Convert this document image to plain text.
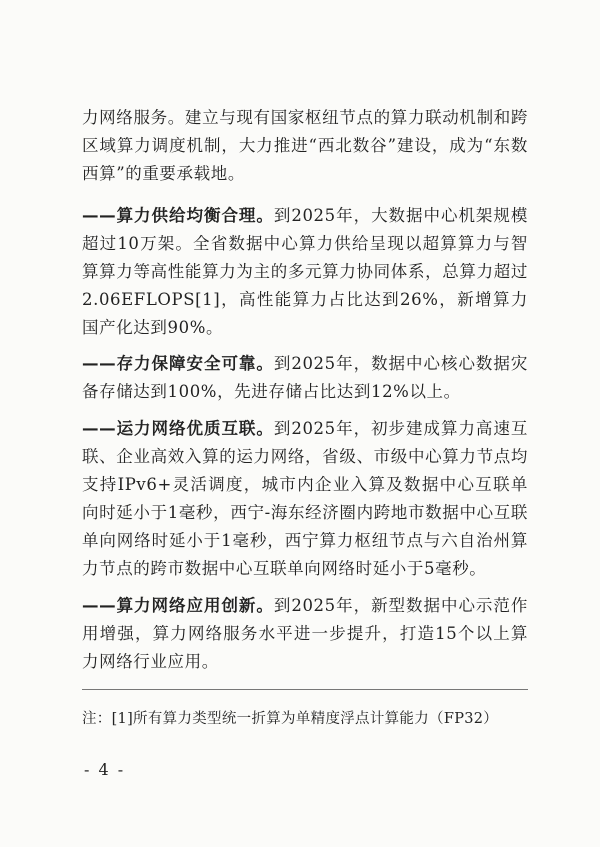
力网络服务。建立与现有国家枢纽节点的算力联动机制和跨区域算力调度机制，大力推进“西北数谷”建设，成为“东数西算”的重要承载地。

——算力供给均衡合理。到2025年，大数据中心机架规模超过10万架。全省数据中心算力供给呈现以超算算力与智算算力等高性能算力为主的多元算力协同体系，总算力超过2.06EFLOPS[1]，高性能算力占比达到26%，新增算力国产化达到90%。

——存力保障安全可靠。到2025年，数据中心核心数据灾备存储达到100%，先进存储占比达到12%以上。

——运力网络优质互联。到2025年，初步建成算力高速互联、企业高效入算的运力网络，省级、市级中心算力节点均支持IPv6+灵活调度，城市内企业入算及数据中心互联单向时延小于1毫秒，西宁-海东经济圈内跨地市数据中心互联单向网络时延小于1毫秒，西宁算力枢纽节点与六自治州算力节点的跨市数据中心互联单向网络时延小于5毫秒。

——算力网络应用创新。到2025年，新型数据中心示范作用增强，算力网络服务水平进一步提升，打造15个以上算力网络行业应用。

注：[1]所有算力类型统一折算为单精度浮点计算能力（FP32）
- 4 -
